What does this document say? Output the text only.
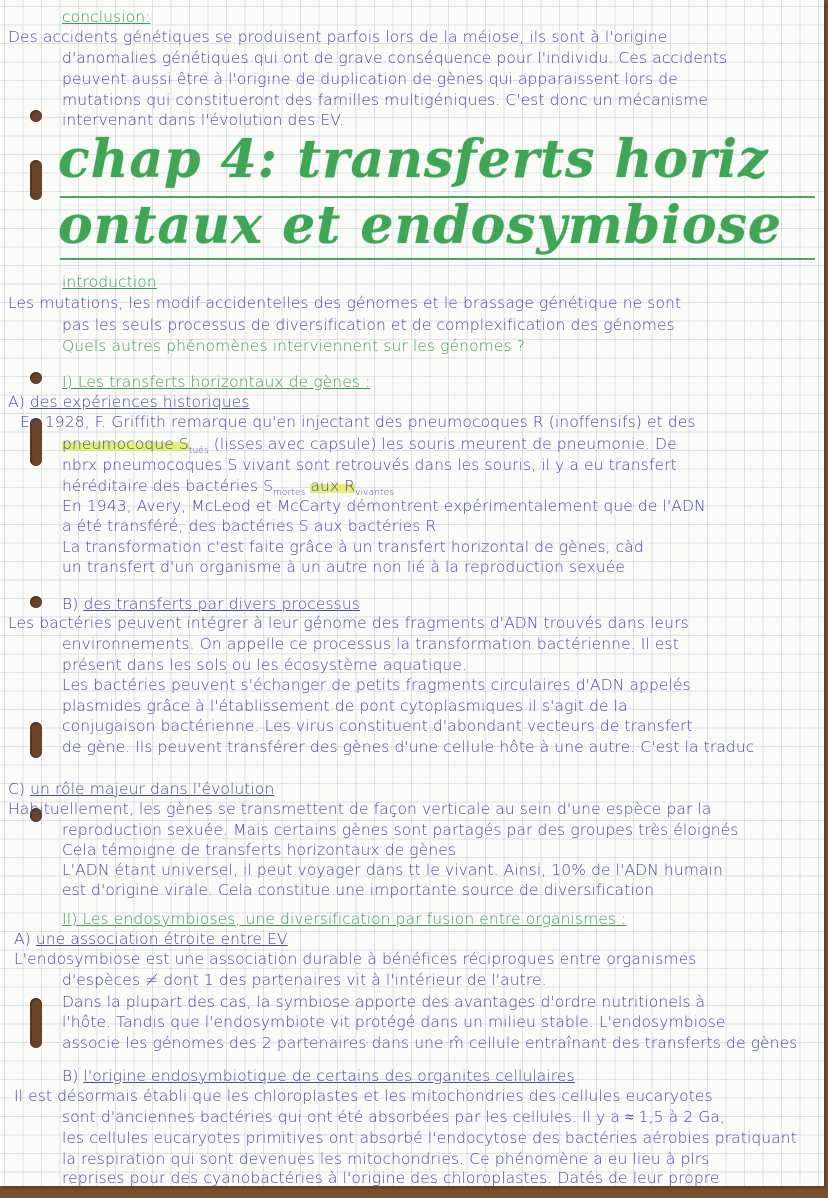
conclusion:
Des accidents génétiques se produisent parfois lors de la méiose, ils sont à l'origine
d'anomalies génétiques qui ont de grave conséquence pour l'individu. Ces accidents
peuvent aussi être à l'origine de duplication de gènes qui apparaissent lors de
mutations qui constitueront des familles multigéniques. C'est donc un mécanisme
intervenant dans l'évolution des EV.
chap 4: transferts horiz
ontaux et endosymbiose
introduction
Les mutations, les modif accidentelles des génomes et le brassage génétique ne sont
pas les seuls processus de diversification et de complexification des génomes
Quels autres phénomènes interviennent sur les génomes ?
I) Les transferts horizontaux de gènes :
A) des expériences historiques
En 1928, F. Griffith remarque qu'en injectant des pneumocoques R (inoffensifs) et des
pneumocoque $S_{tués}$ (lisses avec capsule) les souris meurent de pneumonie. De
nbrx pneumocoques S vivant sont retrouvés dans les souris, il y a eu transfert
héréditaire des bactéries $S_{mortes}$ aux $R_{vivantes}$
En 1943, Avery, McLeod et McCarty démontrent expérimentalement que de l'ADN
a été transféré, des bactéries S aux bactéries R
La transformation c'est faite grâce à un transfert horizontal de gènes, càd
un transfert d'un organisme à un autre non lié à la reproduction sexuée
B) des transferts par divers processus
Les bactéries peuvent intégrer à leur génome des fragments d'ADN trouvés dans leurs
environnements. On appelle ce processus la transformation bactérienne. Il est
présent dans les sols ou les écosystème aquatique.
Les bactéries peuvent s'échanger de petits fragments circulaires d'ADN appelés
plasmides grâce à l'établissement de pont cytoplasmiques il s'agit de la
conjugaison bactérienne. Les virus constituent d'abondant vecteurs de transfert
de gène. Ils peuvent transférer des gènes d'une cellule hôte à une autre. C'est la traduc
C) un rôle majeur dans l'évolution
Habituellement, les gènes se transmettent de façon verticale au sein d'une espèce par la
reproduction sexuée. Mais certains gènes sont partagés par des groupes très éloignés
Cela témoigne de transferts horizontaux de gènes
L'ADN étant universel, il peut voyager dans tt le vivant. Ainsi, 10% de l'ADN humain
est d'origine virale. Cela constitue une importante source de diversification
II) Les endosymbioses, une diversification par fusion entre organismes :
A) une association étroite entre EV
L'endosymbiose est une association durable à bénéfices réciproques entre organismes
d'espèces ≠ dont 1 des partenaires vit à l'intérieur de l'autre.
Dans la plupart des cas, la symbiose apporte des avantages d'ordre nutritionels à
l'hôte. Tandis que l'endosymbiote vit protégé dans un milieu stable. L'endosymbiose
associe les génomes des 2 partenaires dans une m̂ cellule entraînant des transferts de gènes
B) l'origine endosymbiotique de certains des organites cellulaires
Il est désormais établi que les chloroplastes et les mitochondries des cellules eucaryotes
sont d'anciennes bactéries qui ont été absorbées par les cellules. Il y a ≈ 1,5 à 2 Ga,
les cellules eucaryotes primitives ont absorbé l'endocytose des bactéries aérobies pratiquant
la respiration qui sont devenues les mitochondries. Ce phénomène a eu lieu à plrs
reprises pour des cyanobactéries à l'origine des chloroplastes. Datés de leur propre
